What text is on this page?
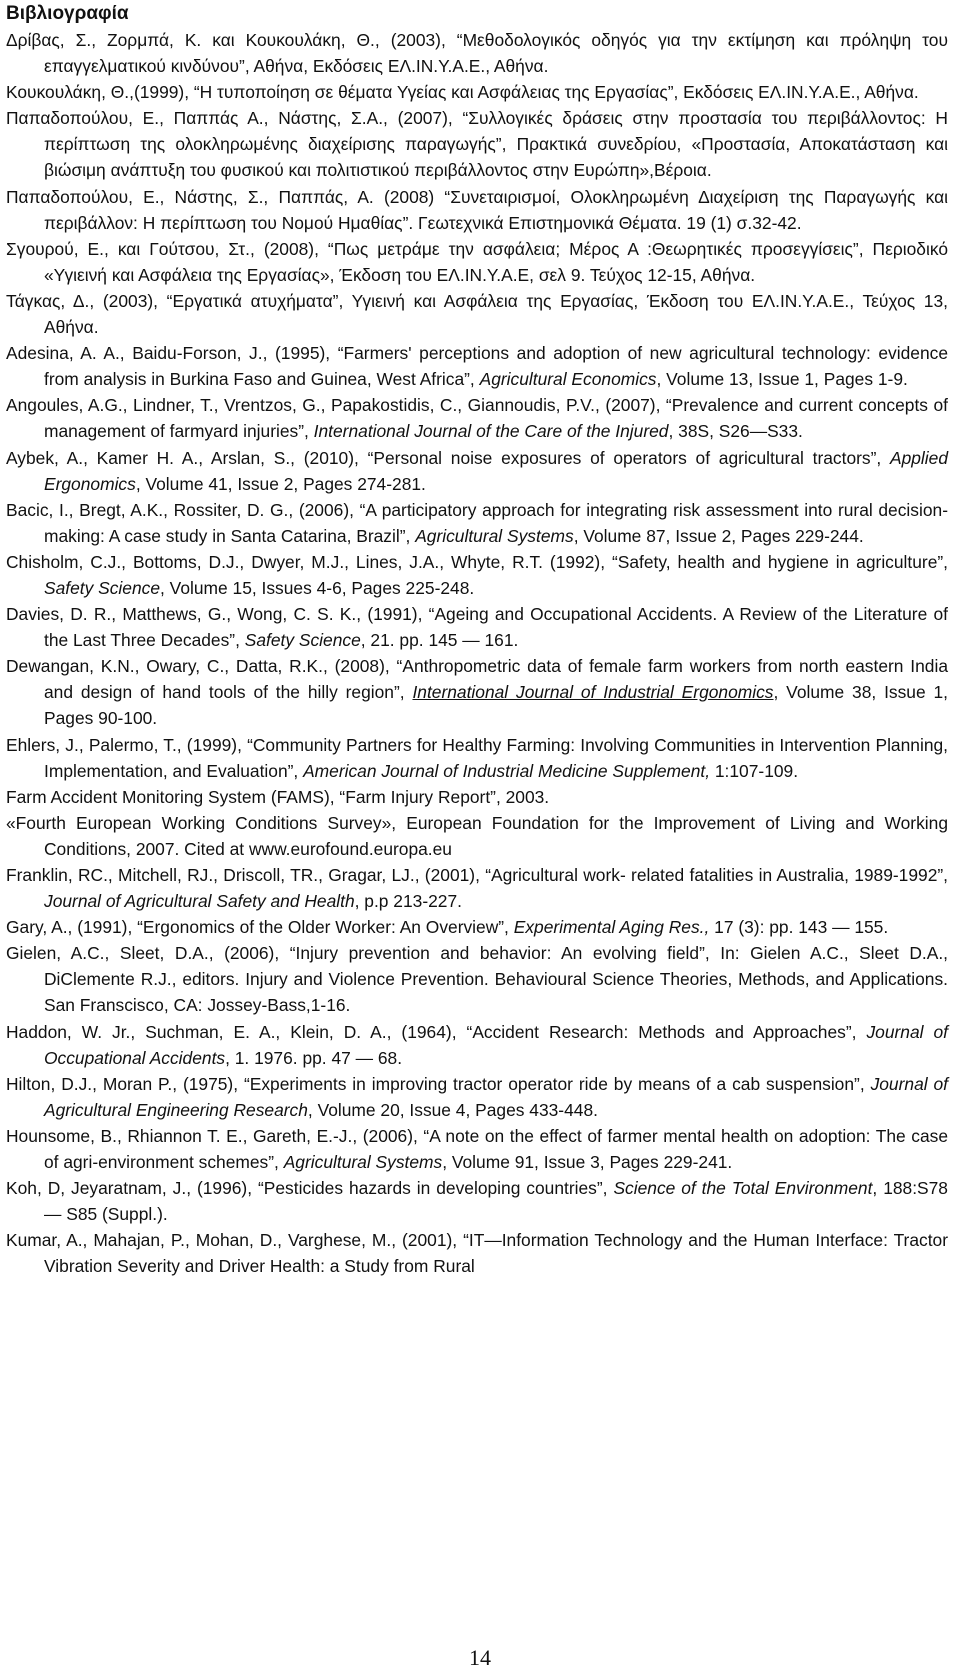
Βιβλιογραφία
Δρίβας, Σ., Ζορμπά, Κ. και Κουκουλάκη, Θ., (2003), “Μεθοδολογικός οδηγός για την εκτίμηση και πρόληψη του επαγγελματικού κινδύνου”, Αθήνα, Εκδόσεις ΕΛ.ΙΝ.Υ.Α.Ε., Αθήνα.
Κουκουλάκη, Θ.,(1999), “Η τυποποίηση σε θέματα Υγείας και Ασφάλειας της Εργασίας”, Εκδόσεις ΕΛ.ΙΝ.Υ.Α.Ε., Αθήνα.
Παπαδοπούλου, Ε., Παππάς Α., Νάστης, Σ.Α., (2007), “Συλλογικές δράσεις στην προστασία του περιβάλλοντος: Η περίπτωση της ολοκληρωμένης διαχείρισης παραγωγής”, Πρακτικά συνεδρίου, «Προστασία, Αποκατάσταση και βιώσιμη ανάπτυξη του φυσικού και πολιτιστικού περιβάλλοντος στην Ευρώπη»,Βέροια.
Παπαδοπούλου, Ε., Νάστης, Σ., Παππάς, Α. (2008) “Συνεταιρισμοί, Ολοκληρωμένη Διαχείριση της Παραγωγής και περιβάλλον: Η περίπτωση του Νομού Ημαθίας”. Γεωτεχνικά Επιστημονικά Θέματα. 19 (1) σ.32-42.
Σγουρού, Ε., και Γούτσου, Στ., (2008), “Πως μετράμε την ασφάλεια; Μέρος Α :Θεωρητικές προσεγγίσεις”, Περιοδικό «Υγιεινή και Ασφάλεια της Εργασίας», Έκδοση του ΕΛ.ΙΝ.Υ.Α.Ε, σελ 9. Τεύχος 12-15, Αθήνα.
Τάγκας, Δ., (2003), “Εργατικά ατυχήματα”, Υγιεινή και Ασφάλεια της Εργασίας, Έκδοση του ΕΛ.ΙΝ.Υ.Α.Ε., Τεύχος 13, Αθήνα.
Adesina, A. A., Baidu-Forson, J., (1995), “Farmers' perceptions and adoption of new agricultural technology: evidence from analysis in Burkina Faso and Guinea, West Africa”, Agricultural Economics, Volume 13, Issue 1, Pages 1-9.
Angoules, A.G., Lindner, T., Vrentzos, G., Papakostidis, C., Giannoudis, P.V., (2007), “Prevalence and current concepts of management of farmyard injuries”, International Journal of the Care of the Injured, 38S, S26—S33.
Aybek, A., Kamer H. A., Arslan, S., (2010), “Personal noise exposures of operators of agricultural tractors”, Applied Ergonomics, Volume 41, Issue 2, Pages 274-281.
Bacic, I., Bregt, A.K., Rossiter, D. G., (2006), “A participatory approach for integrating risk assessment into rural decision-making: A case study in Santa Catarina, Brazil”, Agricultural Systems, Volume 87, Issue 2, Pages 229-244.
Chisholm, C.J., Bottoms, D.J., Dwyer, M.J., Lines, J.A., Whyte, R.T. (1992), “Safety, health and hygiene in agriculture”, Safety Science, Volume 15, Issues 4-6, Pages 225-248.
Davies, D. R., Matthews, G., Wong, C. S. K., (1991), “Ageing and Occupational Accidents. A Review of the Literature of the Last Three Decades”, Safety Science, 21. pp. 145 — 161.
Dewangan, K.N., Owary, C., Datta, R.K., (2008), “Anthropometric data of female farm workers from north eastern India and design of hand tools of the hilly region”, International Journal of Industrial Ergonomics, Volume 38, Issue 1, Pages 90-100.
Ehlers, J., Palermo, T., (1999), “Community Partners for Healthy Farming: Involving Communities in Intervention Planning, Implementation, and Evaluation”, American Journal of Industrial Medicine Supplement, 1:107-109.
Farm Accident Monitoring System (FAMS), “Farm Injury Report”, 2003.
«Fourth European Working Conditions Survey», European Foundation for the Improvement of Living and Working Conditions, 2007. Cited at www.eurofound.europa.eu
Franklin, RC., Mitchell, RJ., Driscoll, TR., Gragar, LJ., (2001), “Agricultural work- related fatalities in Australia, 1989-1992”, Journal of Agricultural Safety and Health, p.p 213-227.
Gary, A., (1991), “Ergonomics of the Older Worker: An Overview”, Experimental Aging Res., 17 (3): pp. 143 — 155.
Gielen, A.C., Sleet, D.A., (2006), “Injury prevention and behavior: An evolving field”, In: Gielen A.C., Sleet D.A., DiClemente R.J., editors. Injury and Violence Prevention. Behavioural Science Theories, Methods, and Applications. San Franscisco, CA: Jossey-Bass,1-16.
Haddon, W. Jr., Suchman, E. A., Klein, D. A., (1964), “Accident Research: Methods and Approaches”, Journal of Occupational Accidents, 1. 1976. pp. 47 — 68.
Hilton, D.J., Moran P., (1975), “Experiments in improving tractor operator ride by means of a cab suspension”, Journal of Agricultural Engineering Research, Volume 20, Issue 4, Pages 433-448.
Hounsome, B., Rhiannon T. E., Gareth, E.-J., (2006), “A note on the effect of farmer mental health on adoption: The case of agri-environment schemes”, Agricultural Systems, Volume 91, Issue 3, Pages 229-241.
Koh, D, Jeyaratnam, J., (1996), “Pesticides hazards in developing countries”, Science of the Total Environment, 188:S78 — S85 (Suppl.).
Kumar, A., Mahajan, P., Mohan, D., Varghese, M., (2001), “IT—Information Technology and the Human Interface: Tractor Vibration Severity and Driver Health: a Study from Rural
14
